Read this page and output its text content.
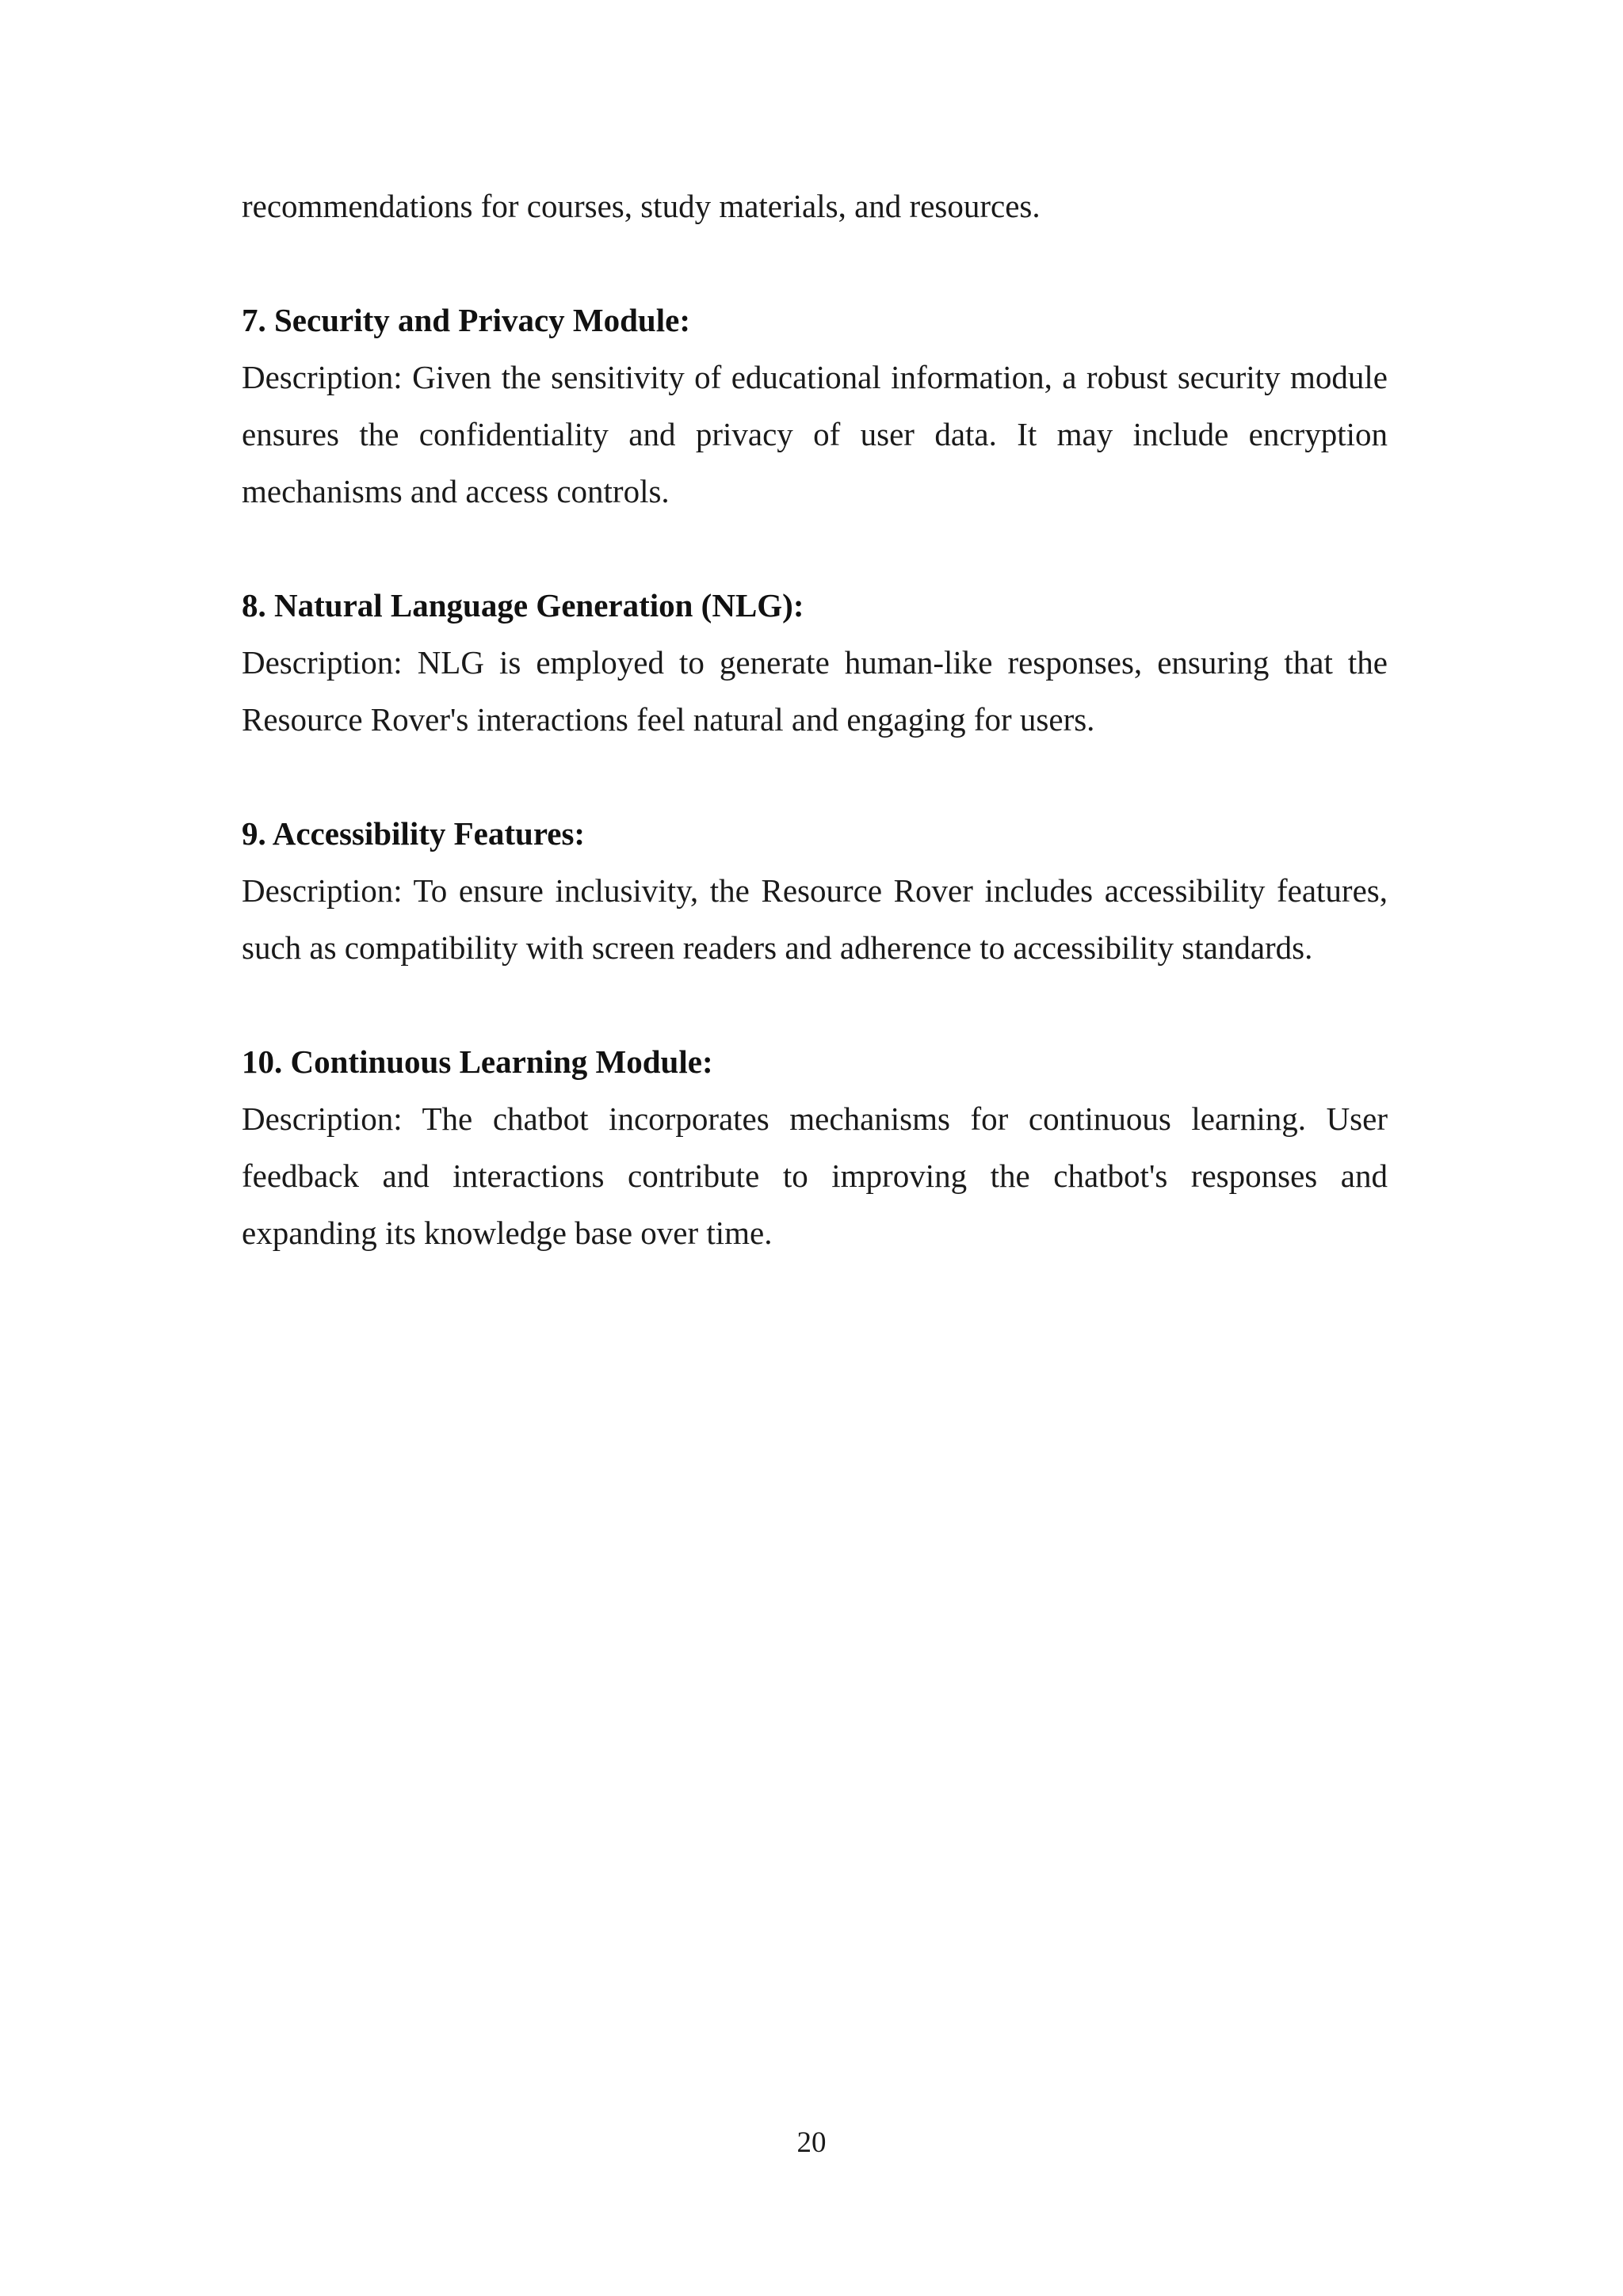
recommendations for courses, study materials, and resources.

7. Security and Privacy Module:

Description: Given the sensitivity of educational information, a robust security module ensures the confidentiality and privacy of user data. It may include encryption mechanisms and access controls.

8. Natural Language Generation (NLG):

Description: NLG is employed to generate human-like responses, ensuring that the Resource Rover's interactions feel natural and engaging for users.

9. Accessibility Features:

Description: To ensure inclusivity, the Resource Rover includes accessibility features, such as compatibility with screen readers and adherence to accessibility standards.

10. Continuous Learning Module:

Description: The chatbot incorporates mechanisms for continuous learning. User feedback and interactions contribute to improving the chatbot's responses and expanding its knowledge base over time.

20
